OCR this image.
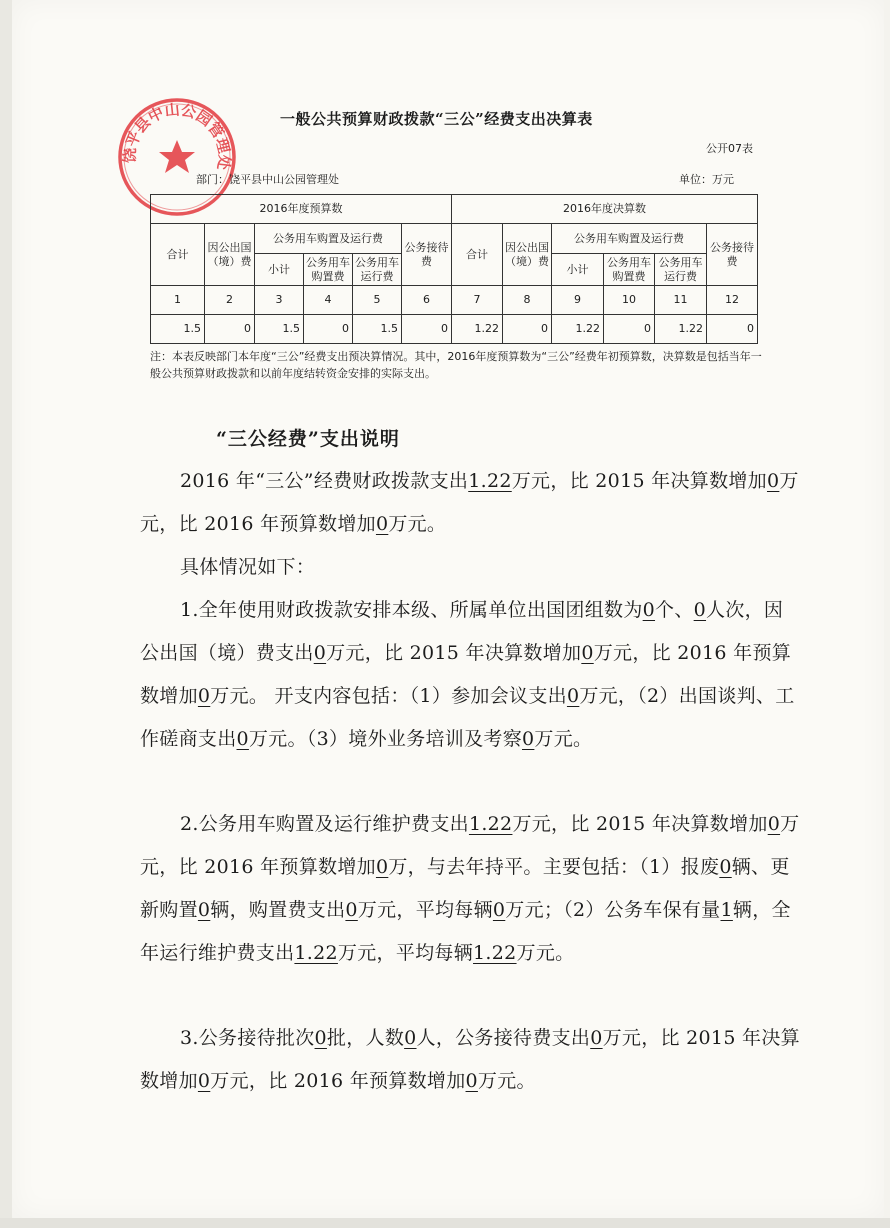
饶平县中山公园管理处
一般公共预算财政拨款“三公”经费支出决算表
公开07表
部门：饶平县中山公园管理处	单位：万元
2016年度预算数						2016年度决算数					
合计	因公出国（境）费	公务用车购置及运行费			公务接待费	合计	因公出国（境）费	公务用车购置及运行费			公务接待费
		小计	公务用车购置费	公务用车运行费				小计	公务用车购置费	公务用车运行费	
1	2	3	4	5	6	7	8	9	10	11	12
1.5	0	1.5	0	1.5	0	1.22	0	1.22	0	1.22	0
注：本表反映部门本年度“三公”经费支出预决算情况。其中，2016年度预算数为“三公”经费年初预算数，决算数是包括当年一般公共预算财政拨款和以前年度结转资金安排的实际支出。
“三公经费”支出说明
2016 年“三公”经费财政拨款支出1.22万元，比 2015 年决算数增加0万元，比 2016 年预算数增加0万元。
具体情况如下：
1.全年使用财政拨款安排本级、所属单位出国团组数为0个、0人次，因公出国（境）费支出0万元，比 2015 年决算数增加0万元，比 2016 年预算数增加0万元。 开支内容包括：（1）参加会议支出0万元，（2）出国谈判、工作磋商支出0万元。（3）境外业务培训及考察0万元。
2.公务用车购置及运行维护费支出1.22万元，比 2015 年决算数增加0万元，比 2016 年预算数增加0万，与去年持平。主要包括：（1）报废0辆、更新购置0辆，购置费支出0万元，平均每辆0万元；（2）公务车保有量1辆，全年运行维护费支出1.22万元，平均每辆1.22万元。
3.公务接待批次0批，人数0人，公务接待费支出0万元，比 2015 年决算数增加0万元，比 2016 年预算数增加0万元。
